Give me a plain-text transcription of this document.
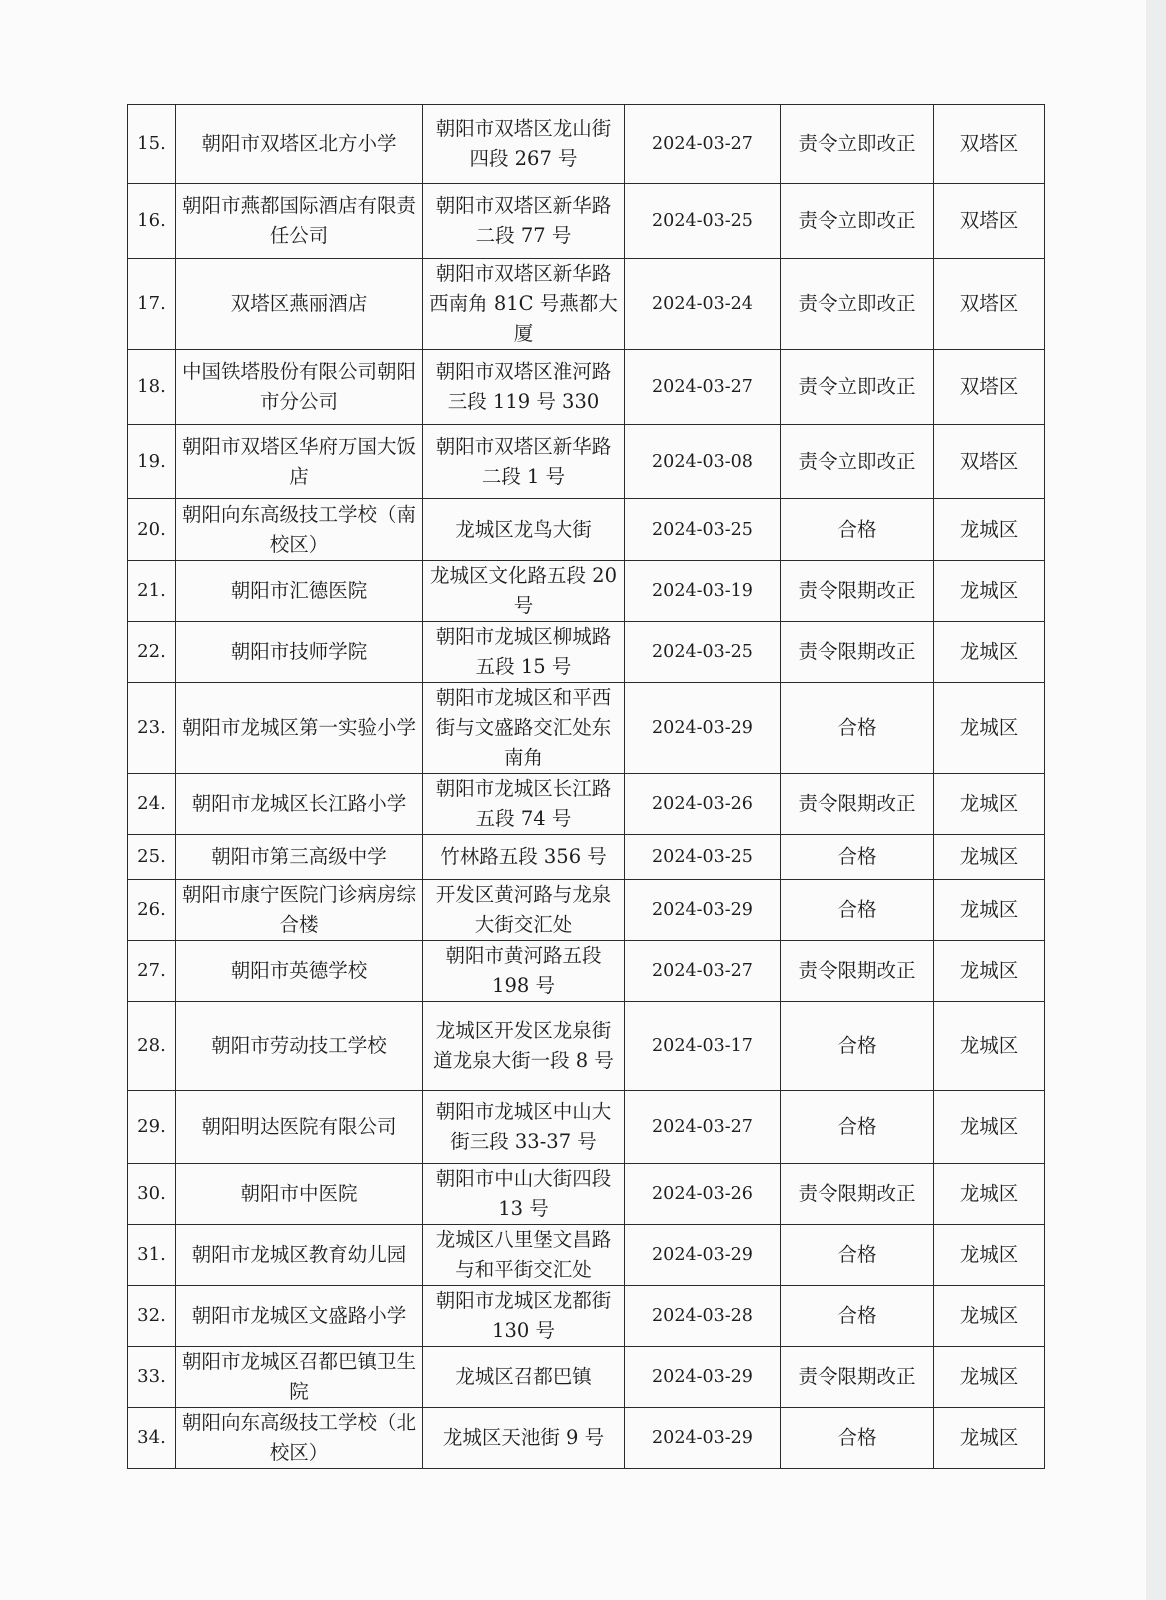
15.	朝阳市双塔区北方小学	朝阳市双塔区龙山街四段 267 号	2024-03-27	责令立即改正	双塔区
16.	朝阳市燕都国际酒店有限责任公司	朝阳市双塔区新华路二段 77 号	2024-03-25	责令立即改正	双塔区
17.	双塔区燕丽酒店	朝阳市双塔区新华路西南角 81C 号燕都大厦	2024-03-24	责令立即改正	双塔区
18.	中国铁塔股份有限公司朝阳市分公司	朝阳市双塔区淮河路三段 119 号 330	2024-03-27	责令立即改正	双塔区
19.	朝阳市双塔区华府万国大饭店	朝阳市双塔区新华路二段 1 号	2024-03-08	责令立即改正	双塔区
20.	朝阳向东高级技工学校（南校区）	龙城区龙鸟大街	2024-03-25	合格	龙城区
21.	朝阳市汇德医院	龙城区文化路五段 20 号	2024-03-19	责令限期改正	龙城区
22.	朝阳市技师学院	朝阳市龙城区柳城路五段 15 号	2024-03-25	责令限期改正	龙城区
23.	朝阳市龙城区第一实验小学	朝阳市龙城区和平西街与文盛路交汇处东南角	2024-03-29	合格	龙城区
24.	朝阳市龙城区长江路小学	朝阳市龙城区长江路五段 74 号	2024-03-26	责令限期改正	龙城区
25.	朝阳市第三高级中学	竹林路五段 356 号	2024-03-25	合格	龙城区
26.	朝阳市康宁医院门诊病房综合楼	开发区黄河路与龙泉大街交汇处	2024-03-29	合格	龙城区
27.	朝阳市英德学校	朝阳市黄河路五段 198 号	2024-03-27	责令限期改正	龙城区
28.	朝阳市劳动技工学校	龙城区开发区龙泉街道龙泉大街一段 8 号	2024-03-17	合格	龙城区
29.	朝阳明达医院有限公司	朝阳市龙城区中山大街三段 33-37 号	2024-03-27	合格	龙城区
30.	朝阳市中医院	朝阳市中山大街四段 13 号	2024-03-26	责令限期改正	龙城区
31.	朝阳市龙城区教育幼儿园	龙城区八里堡文昌路与和平街交汇处	2024-03-29	合格	龙城区
32.	朝阳市龙城区文盛路小学	朝阳市龙城区龙都街 130 号	2024-03-28	合格	龙城区
33.	朝阳市龙城区召都巴镇卫生院	龙城区召都巴镇	2024-03-29	责令限期改正	龙城区
34.	朝阳向东高级技工学校（北校区）	龙城区天池街 9 号	2024-03-29	合格	龙城区
